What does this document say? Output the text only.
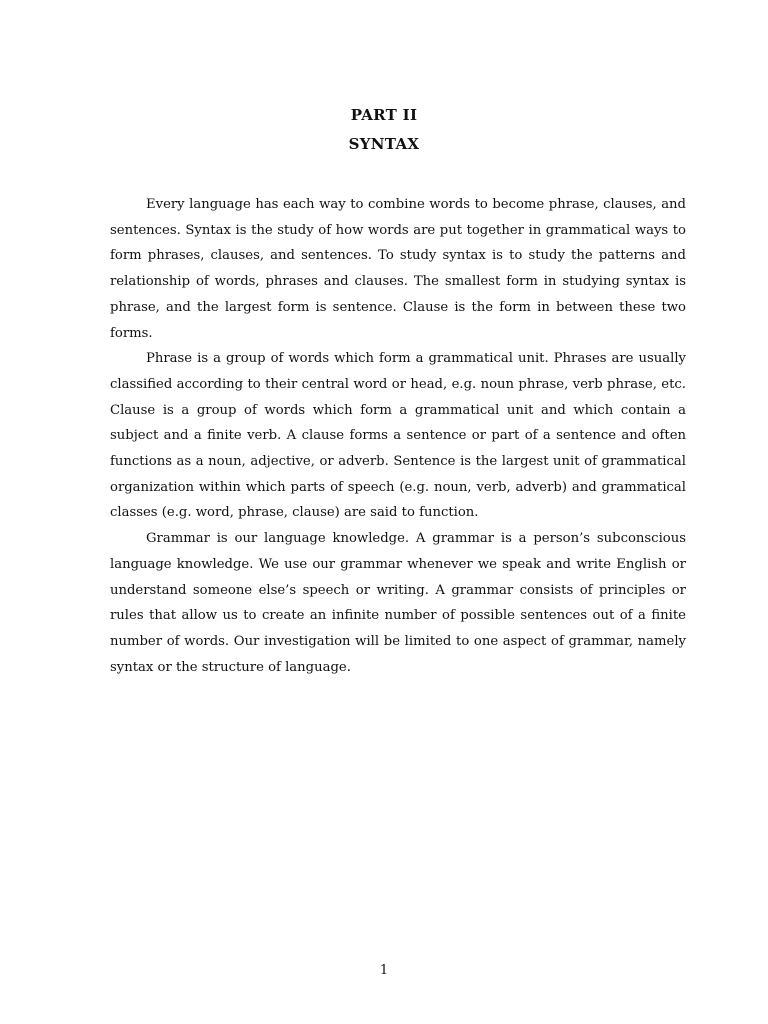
PART II
SYNTAX

Every language has each way to combine words to become phrase, clauses, and sentences. Syntax is the study of how words are put together in grammatical ways to form phrases, clauses, and sentences. To study syntax is to study the patterns and relationship of words, phrases and clauses. The smallest form in studying syntax is phrase, and the largest form is sentence. Clause is the form in between these two forms.

Phrase is a group of words which form a grammatical unit. Phrases are usually classified according to their central word or head, e.g. noun phrase, verb phrase, etc. Clause is a group of words which form a grammatical unit and which contain a subject and a finite verb. A clause forms a sentence or part of a sentence and often functions as a noun, adjective, or adverb. Sentence is the largest unit of grammatical organization within which parts of speech (e.g. noun, verb, adverb) and grammatical classes (e.g. word, phrase, clause) are said to function.

Grammar is our language knowledge. A grammar is a person’s subconscious language knowledge. We use our grammar whenever we speak and write English or understand someone else’s speech or writing. A grammar consists of principles or rules that allow us to create an infinite number of possible sentences out of a finite number of words. Our investigation will be limited to one aspect of grammar, namely syntax or the structure of language.

1
